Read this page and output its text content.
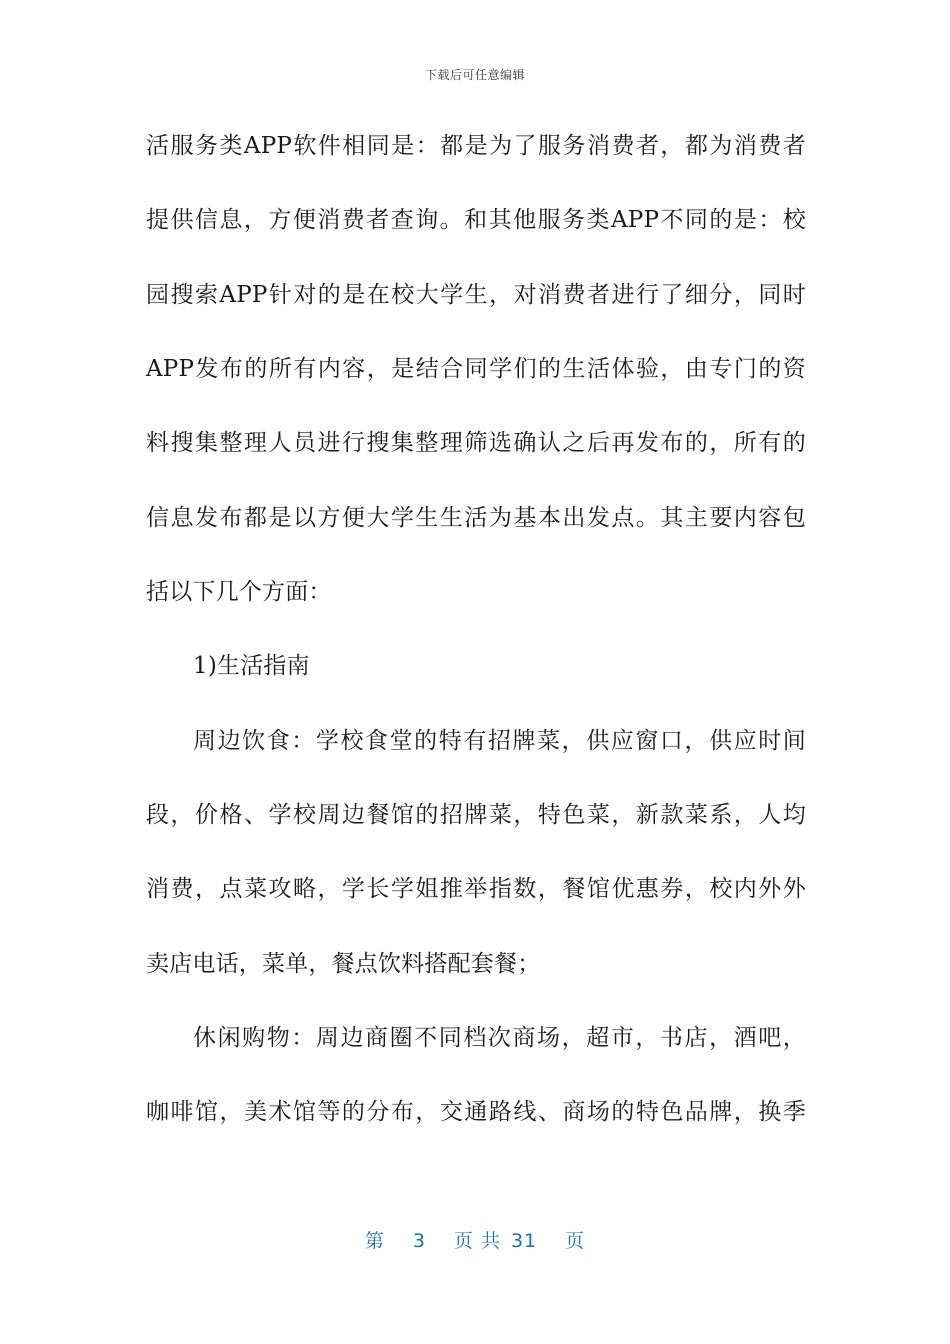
下载后可任意编辑
活服务类APP软件相同是：都是为了服务消费者，都为消费者
提供信息，方便消费者查询。和其他服务类APP不同的是：校
园搜索APP针对的是在校大学生，对消费者进行了细分，同时
APP发布的所有内容，是结合同学们的生活体验，由专门的资
料搜集整理人员进行搜集整理筛选确认之后再发布的，所有的
信息发布都是以方便大学生生活为基本出发点。其主要内容包
括以下几个方面：
1)生活指南
周边饮食：学校食堂的特有招牌菜，供应窗口，供应时间
段，价格、学校周边餐馆的招牌菜，特色菜，新款菜系，人均
消费，点菜攻略，学长学姐推举指数，餐馆优惠券，校内外外
卖店电话，菜单，餐点饮料搭配套餐；
休闲购物：周边商圈不同档次商场，超市，书店，酒吧，
咖啡馆，美术馆等的分布，交通路线、商场的特色品牌，换季
第 3 页 共 31 页
